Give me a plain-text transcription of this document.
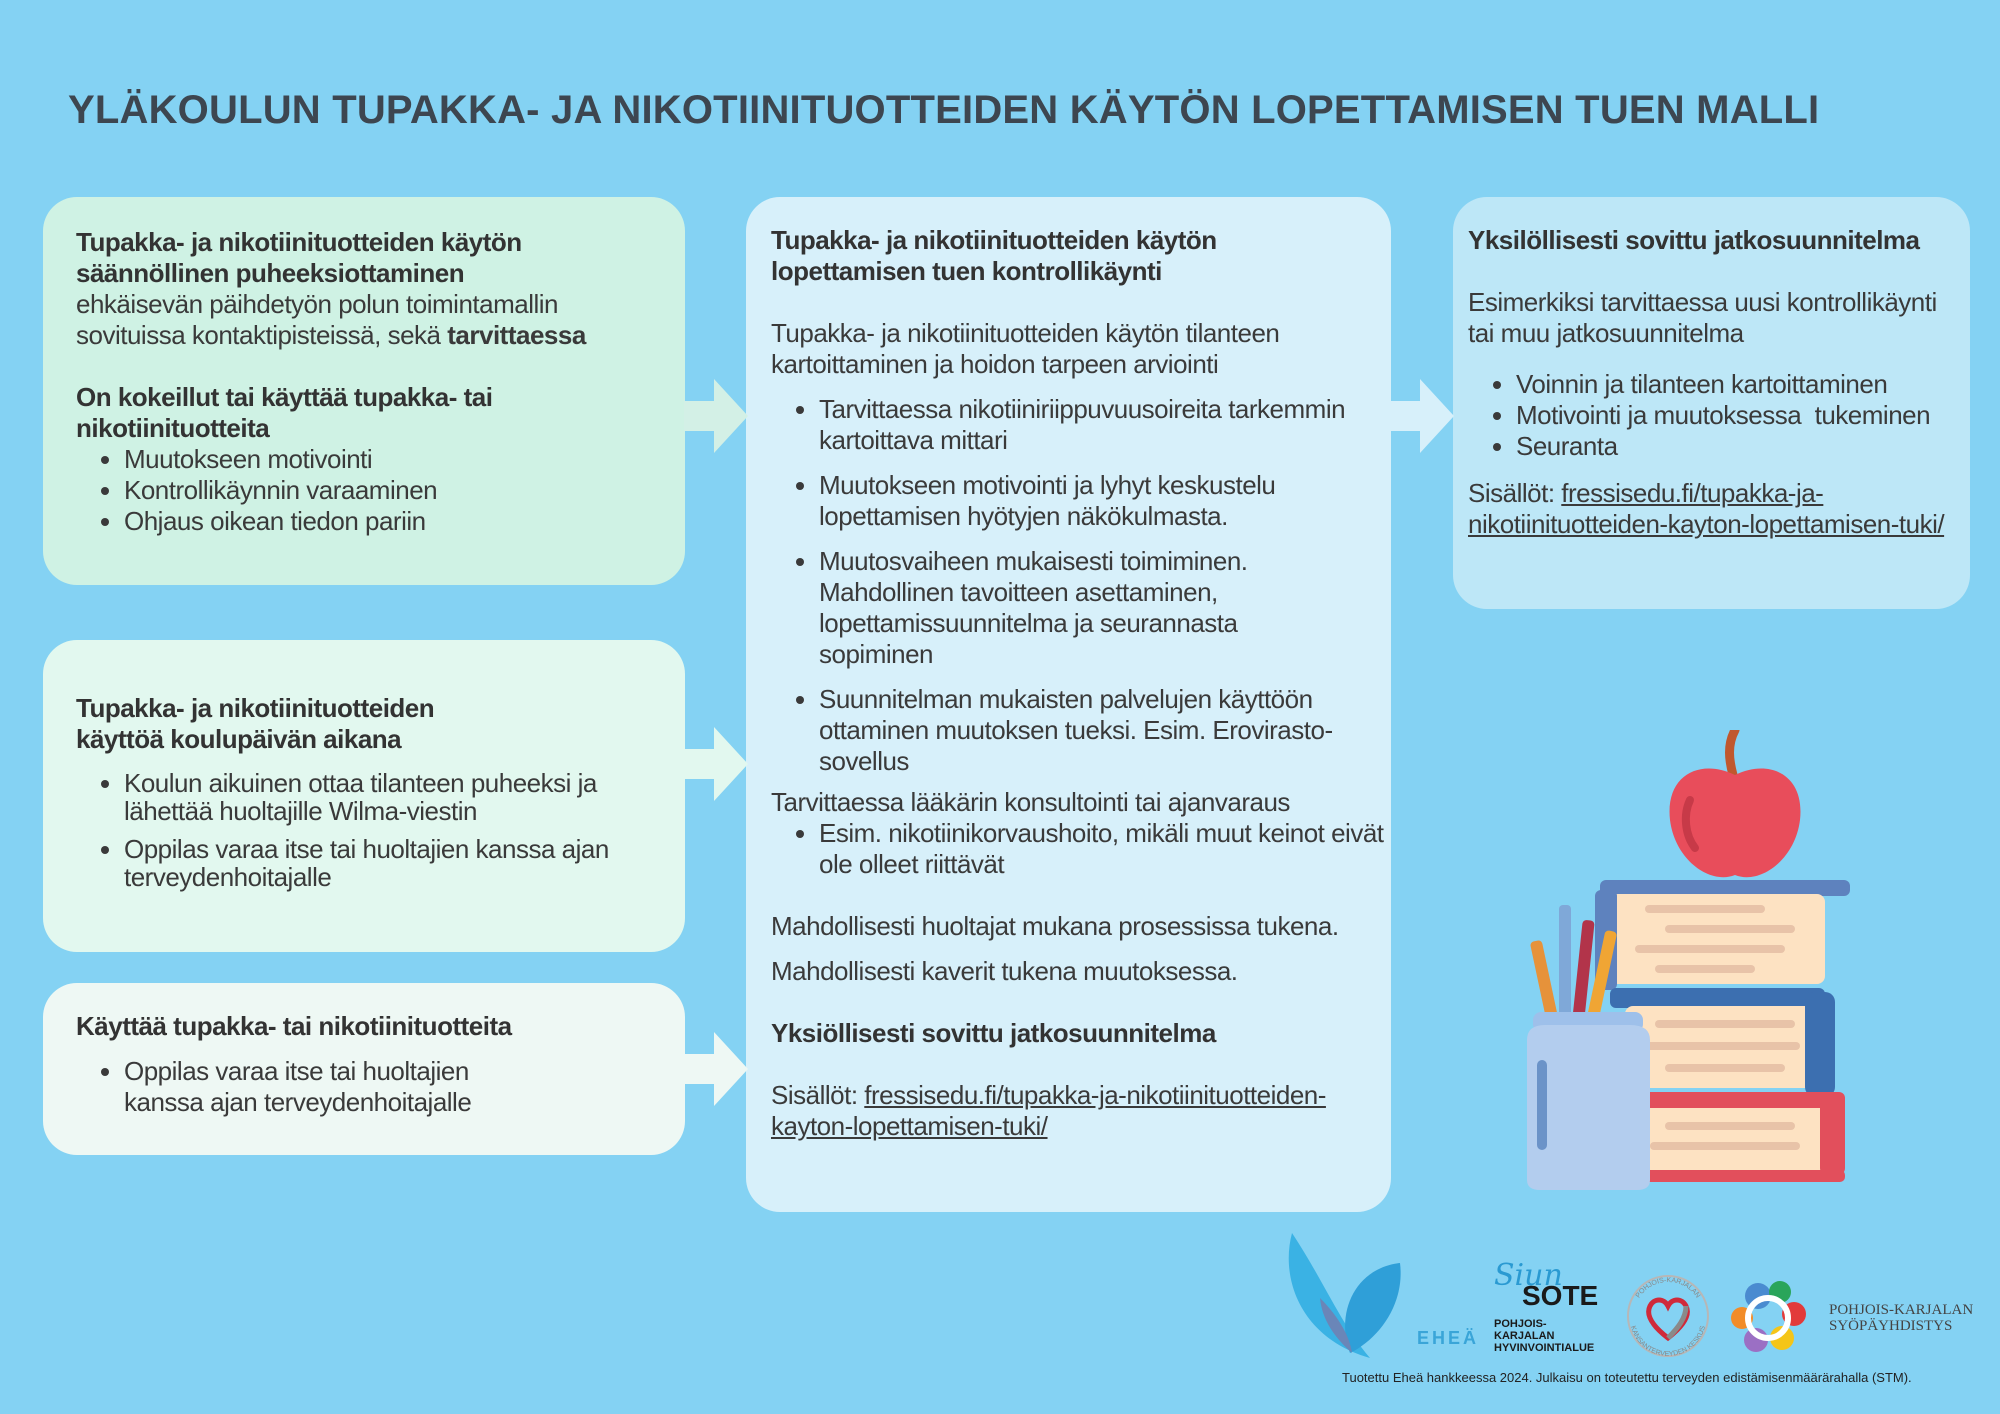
YLÄKOULUN TUPAKKA- JA NIKOTIINITUOTTEIDEN KÄYTÖN LOPETTAMISEN TUEN MALLI

Tupakka- ja nikotiinituotteiden käytön säännöllinen puheeksiottaminen

ehkäisevän päihdetyön polun toimintamallin sovituissa kontaktipisteissä, sekä tarvittaessa

On kokeillut tai käyttää tupakka- tai nikotiinituotteita

• Muutokseen motivointi
• Kontrollikäynnin varaaminen
• Ohjaus oikean tiedon pariin

Tupakka- ja nikotiinituotteiden käyttöä koulupäivän aikana

• Koulun aikuinen ottaa tilanteen puheeksi ja lähettää huoltajille Wilma-viestin
• Oppilas varaa itse tai huoltajien kanssa ajan terveydenhoitajalle

Käyttää tupakka- tai nikotiinituotteita

• Oppilas varaa itse tai huoltajien kanssa ajan terveydenhoitajalle

Tupakka- ja nikotiinituotteiden käytön lopettamisen tuen kontrollikäynti

Tupakka- ja nikotiinituotteiden käytön tilanteen kartoittaminen ja hoidon tarpeen arviointi

• Tarvittaessa nikotiiniriippuvuusoireita tarkemmin kartoittava mittari
• Muutokseen motivointi ja lyhyt keskustelu lopettamisen hyötyjen näkökulmasta.
• Muutosvaiheen mukaisesti toimiminen. Mahdollinen tavoitteen asettaminen, lopettamissuunnitelma ja seurannasta sopiminen
• Suunnitelman mukaisten palvelujen käyttöön ottaminen muutoksen tueksi. Esim. Erovirasto-sovellus

Tarvittaessa lääkärin konsultointi tai ajanvaraus

• Esim. nikotiinikorvaushoito, mikäli muut keinot eivät ole olleet riittävät

Mahdollisesti huoltajat mukana prosessissa tukena.

Mahdollisesti kaverit tukena muutoksessa.

Yksiöllisesti sovittu jatkosuunnitelma

Sisällöt: fressisedu.fi/tupakka-ja-nikotiinituotteiden-kayton-lopettamisen-tuki/

Yksilöllisesti sovittu jatkosuunnitelma

Esimerkiksi tarvittaessa uusi kontrollikäynti tai muu jatkosuunnitelma

• Voinnin ja tilanteen kartoittaminen
• Motivointi ja muutoksessa  tukeminen
• Seuranta

Sisällöt: fressisedu.fi/tupakka-ja-nikotiinituotteiden-kayton-lopettamisen-tuki/

EHEÄ
Siun
SOTE
POHJOIS-KARJALAN
HYVINVOINTIALUE
POHJOIS-KARJALAN
KANSANTERVEYDEN KESKUS
POHJOIS-KARJALAN
SYÖPÄYHDISTYS
Tuotettu Eheä hankkeessa 2024. Julkaisu on toteutettu terveyden edistämisenmäärärahalla (STM).
